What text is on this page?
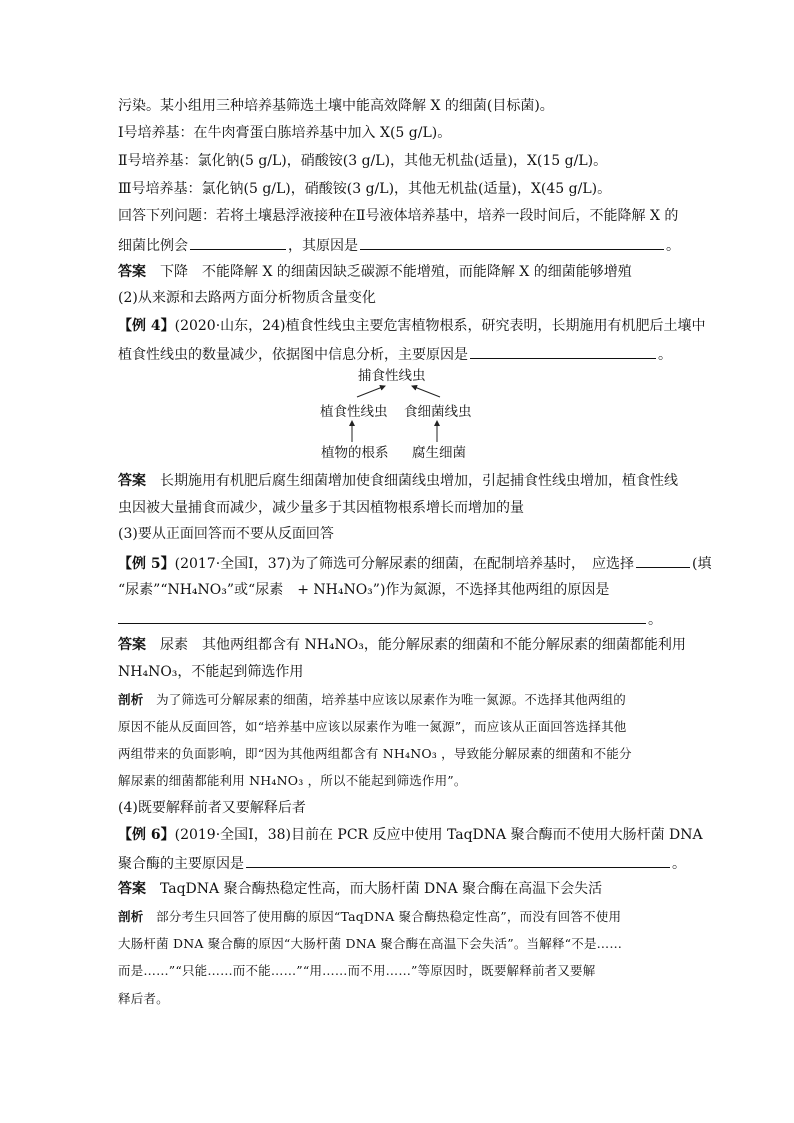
污染。某小组用三种培养基筛选土壤中能高效降解 X 的细菌(目标菌)。
Ⅰ号培养基：在牛肉膏蛋白胨培养基中加入 X(5 g/L)。
Ⅱ号培养基：氯化钠(5 g/L)，硝酸铵(3 g/L)，其他无机盐(适量)，X(15 g/L)。
Ⅲ号培养基：氯化钠(5 g/L)，硝酸铵(3 g/L)，其他无机盐(适量)，X(45 g/L)。
回答下列问题：若将土壤悬浮液接种在Ⅱ号液体培养基中，培养一段时间后，不能降解 X 的
细菌比例会	，其原因是	。
答案　 下降　不能降解 X 的细菌因缺乏碳源不能增殖，而能降解 X 的细菌能够增殖
(2)从来源和去路两方面分析物质含量变化
【例 4】(2020·山东，24)植食性线虫主要危害植物根系，研究表明，长期施用有机肥后土壤中
植食性线虫的数量减少，依据图中信息分析，主要原因是	。
捕食性线虫
植食性线虫 食细菌线虫
植物的根系 腐生细菌
答案　 长期施用有机肥后腐生细菌增加使食细菌线虫增加，引起捕食性线虫增加，植食性线
虫因被大量捕食而减少，减少量多于其因植物根系增长而增加的量
(3)要从正面回答而不要从反面回答
【例 5】(2017·全国Ⅰ，37)为了筛选可分解尿素的细菌，在配制培养基时，　应选择	(填
“尿素”“NH₄NO₃”或“尿素　+ NH₄NO₃”)作为氮源，不选择其他两组的原因是
。
答案　 尿素　其他两组都含有 NH₄NO₃，能分解尿素的细菌和不能分解尿素的细菌都能利用
NH₄NO₃，不能起到筛选作用
剖析　 为了筛选可分解尿素的细菌，培养基中应该以尿素作为唯一氮源。不选择其他两组的
原因不能从反面回答，如“培养基中应该以尿素作为唯一氮源”，而应该从正面回答选择其他
两组带来的负面影响，即“因为其他两组都含有 NH₄NO₃ ，导致能分解尿素的细菌和不能分
解尿素的细菌都能利用 NH₄NO₃ ，所以不能起到筛选作用”。
(4)既要解释前者又要解释后者
【例 6】(2019·全国Ⅰ，38)目前在 PCR 反应中使用 TaqDNA 聚合酶而不使用大肠杆菌 DNA
聚合酶的主要原因是	。
答案　 TaqDNA 聚合酶热稳定性高，而大肠杆菌 DNA 聚合酶在高温下会失活
剖析　 部分考生只回答了使用酶的原因“TaqDNA 聚合酶热稳定性高”，而没有回答不使用
大肠杆菌 DNA 聚合酶的原因“大肠杆菌 DNA 聚合酶在高温下会失活”。当解释“不是……
而是……”“只能……而不能……”“用……而不用……”等原因时，既要解释前者又要解
释后者。
